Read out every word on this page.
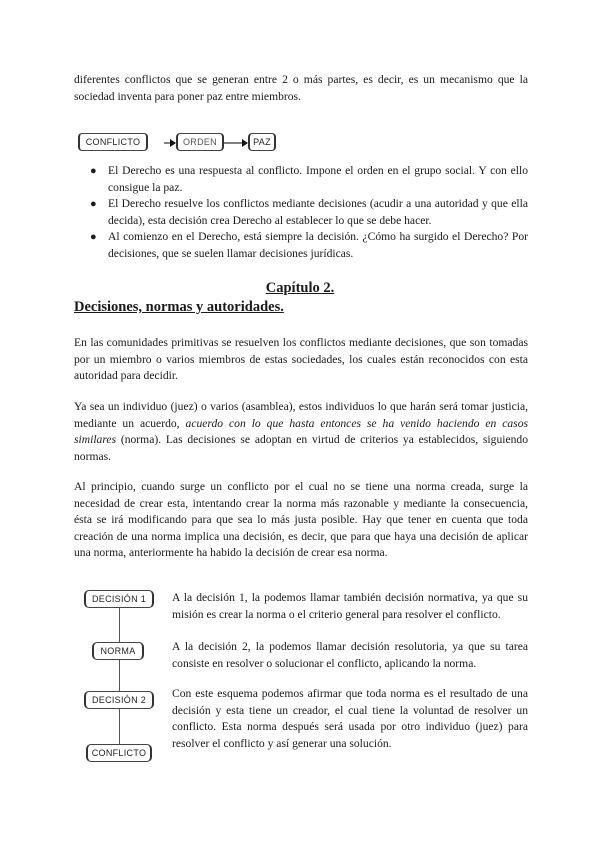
diferentes conflictos que se generan entre 2 o más partes, es decir, es un mecanismo que la sociedad inventa para poner paz entre miembros.

CONFLICTO	ORDEN	PAZ
● El Derecho es una respuesta al conflicto. Impone el orden en el grupo social. Y con ello consigue la paz.
● El Derecho resuelve los conflictos mediante decisiones (acudir a una autoridad y que ella decida), esta decisión crea Derecho al establecer lo que se debe hacer.
● Al comienzo en el Derecho, está siempre la decisión. ¿Cómo ha surgido el Derecho? Por decisiones, que se suelen llamar decisiones jurídicas.
Capítulo 2.
Decisiones, normas y autoridades.

En las comunidades primitivas se resuelven los conflictos mediante decisiones, que son tomadas por un miembro o varios miembros de estas sociedades, los cuales están reconocidos con esta autoridad para decidir.

Ya sea un individuo (juez) o varios (asamblea), estos individuos lo que harán será tomar justicia, mediante un acuerdo, acuerdo con lo que hasta entonces se ha venido haciendo en casos similares (norma). Las decisiones se adoptan en virtud de criterios ya establecidos, siguiendo normas.

Al principio, cuando surge un conflicto por el cual no se tiene una norma creada, surge la necesidad de crear esta, intentando crear la norma más razonable y mediante la consecuencia, ésta se irá modificando para que sea lo más justa posible. Hay que tener en cuenta que toda creación de una norma implica una decisión, es decir, que para que haya una decisión de aplicar una norma, anteriormente ha habido la decisión de crear esa norma.

DECISIÓN 1
NORMA
DECISIÓN 2
CONFLICTO

A la decisión 1, la podemos llamar también decisión normativa, ya que su misión es crear la norma o el criterio general para resolver el conflicto.

A la decisión 2, la podemos llamar decisión resolutoria, ya que su tarea consiste en resolver o solucionar el conflicto, aplicando la norma.

Con este esquema podemos afirmar que toda norma es el resultado de una decisión y esta tiene un creador, el cual tiene la voluntad de resolver un conflicto. Esta norma después será usada por otro individuo (juez) para resolver el conflicto y así generar una solución.
